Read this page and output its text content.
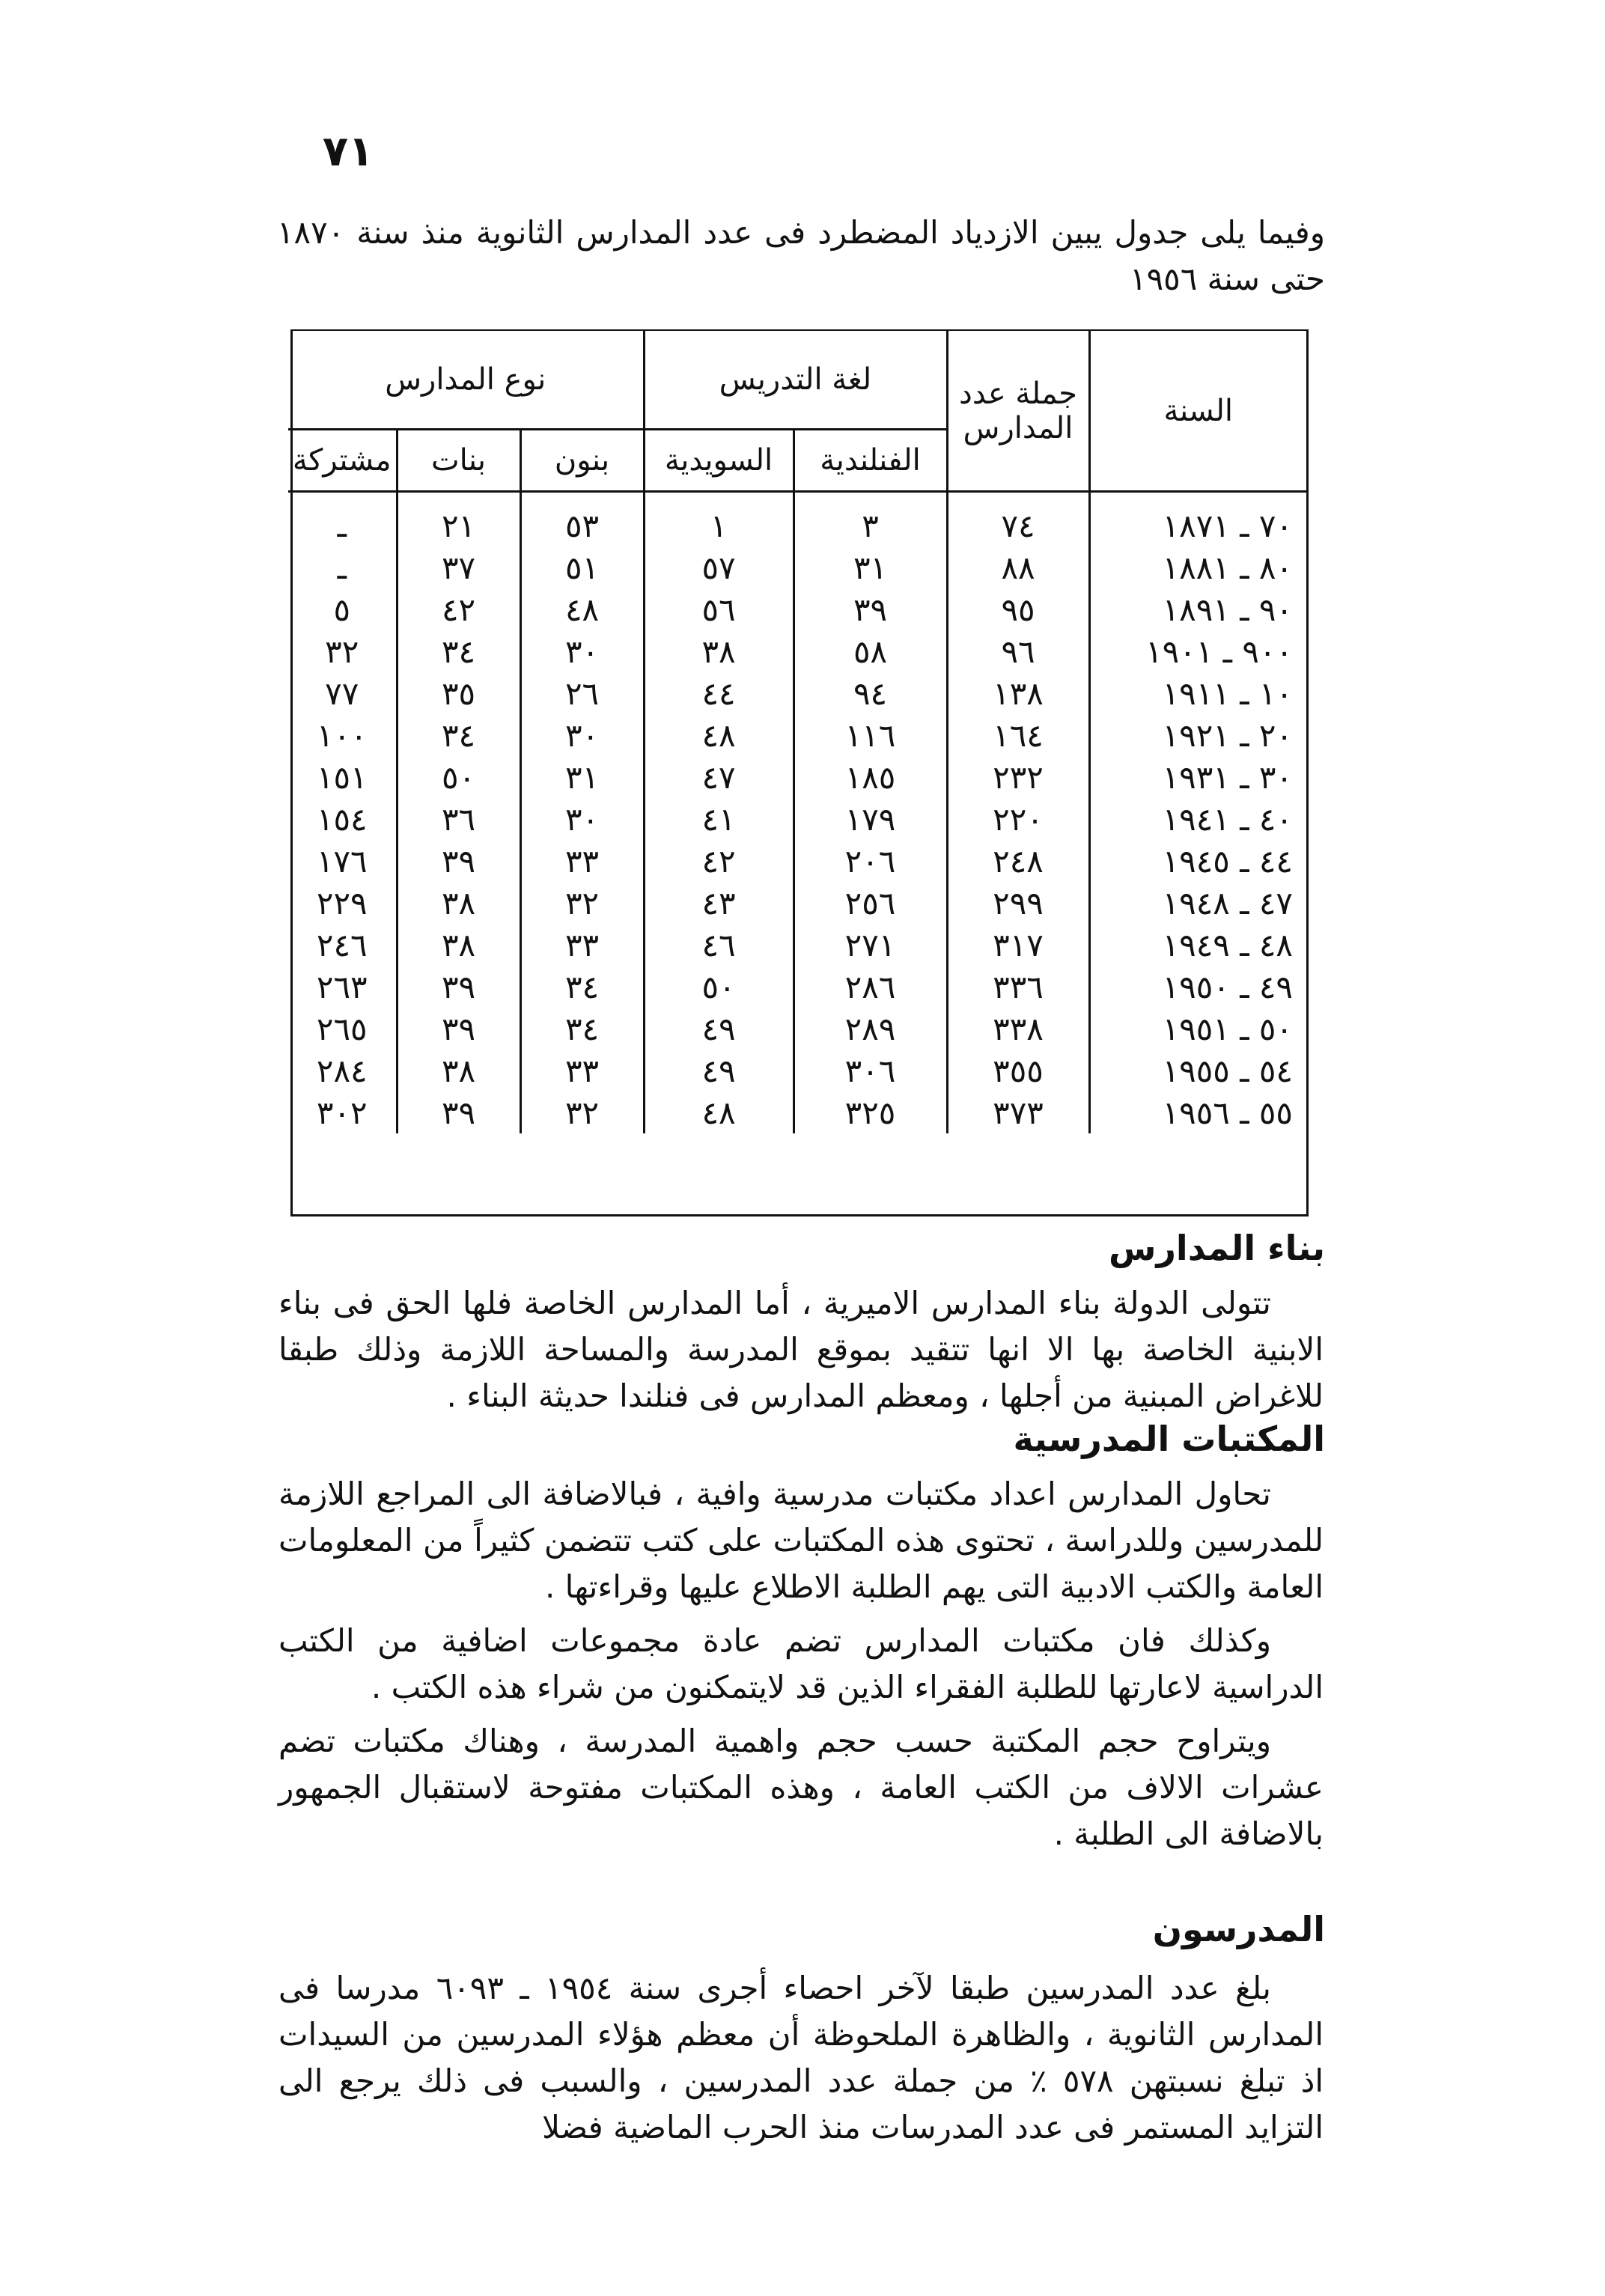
٧١

وفيما يلى جدول يبين الازدياد المضطرد فى عدد المدارس الثانوية منذ سنة ١٨٧٠ حتى سنة ١٩٥٦

السنة	جملة عدد المدارس	لغة التدريس		نوع المدارس		
		الفنلندية	السويدية	بنون	بنات	مشتركة
٧٠ ـ ١٨٧١	٧٤	٣	١	٥٣	٢١	ـ
٨٠ ـ ١٨٨١	٨٨	٣١	٥٧	٥١	٣٧	ـ
٩٠ ـ ١٨٩١	٩٥	٣٩	٥٦	٤٨	٤٢	٥
٩٠٠ ـ ١٩٠١	٩٦	٥٨	٣٨	٣٠	٣٤	٣٢
١٠ ـ ١٩١١	١٣٨	٩٤	٤٤	٢٦	٣٥	٧٧
٢٠ ـ ١٩٢١	١٦٤	١١٦	٤٨	٣٠	٣٤	١٠٠
٣٠ ـ ١٩٣١	٢٣٢	١٨٥	٤٧	٣١	٥٠	١٥١
٤٠ ـ ١٩٤١	٢٢٠	١٧٩	٤١	٣٠	٣٦	١٥٤
٤٤ ـ ١٩٤٥	٢٤٨	٢٠٦	٤٢	٣٣	٣٩	١٧٦
٤٧ ـ ١٩٤٨	٢٩٩	٢٥٦	٤٣	٣٢	٣٨	٢٢٩
٤٨ ـ ١٩٤٩	٣١٧	٢٧١	٤٦	٣٣	٣٨	٢٤٦
٤٩ ـ ١٩٥٠	٣٣٦	٢٨٦	٥٠	٣٤	٣٩	٢٦٣
٥٠ ـ ١٩٥١	٣٣٨	٢٨٩	٤٩	٣٤	٣٩	٢٦٥
٥٤ ـ ١٩٥٥	٣٥٥	٣٠٦	٤٩	٣٣	٣٨	٢٨٤
٥٥ ـ ١٩٥٦	٣٧٣	٣٢٥	٤٨	٣٢	٣٩	٣٠٢
بناء المدارس

تتولى الدولة بناء المدارس الاميرية ، أما المدارس الخاصة فلها الحق فى بناء الابنية الخاصة بها الا انها تتقيد بموقع المدرسة والمساحة اللازمة وذلك طبقا للاغراض المبنية من أجلها ، ومعظم المدارس فى فنلندا حديثة البناء .

المكتبات المدرسية

تحاول المدارس اعداد مكتبات مدرسية وافية ، فبالاضافة الى المراجع اللازمة للمدرسين وللدراسة ، تحتوى هذه المكتبات على كتب تتضمن كثيراً من المعلومات العامة والكتب الادبية التى يهم الطلبة الاطلاع عليها وقراءتها .

وكذلك فان مكتبات المدارس تضم عادة مجموعات اضافية من الكتب الدراسية لاعارتها للطلبة الفقراء الذين قد لايتمكنون من شراء هذه الكتب .

ويتراوح حجم المكتبة حسب حجم واهمية المدرسة ، وهناك مكتبات تضم عشرات الالاف من الكتب العامة ، وهذه المكتبات مفتوحة لاستقبال الجمهور بالاضافة الى الطلبة .

المدرسون

بلغ عدد المدرسين طبقا لآخر احصاء أجرى سنة ١٩٥٤ ـ ٦٠٩٣ مدرسا فى المدارس الثانوية ، والظاهرة الملحوظة أن معظم هؤلاء المدرسين من السيدات اذ تبلغ نسبتهن ٥٧٨ ٪ من جملة عدد المدرسين ، والسبب فى ذلك يرجع الى التزايد المستمر فى عدد المدرسات منذ الحرب الماضية فضلا
